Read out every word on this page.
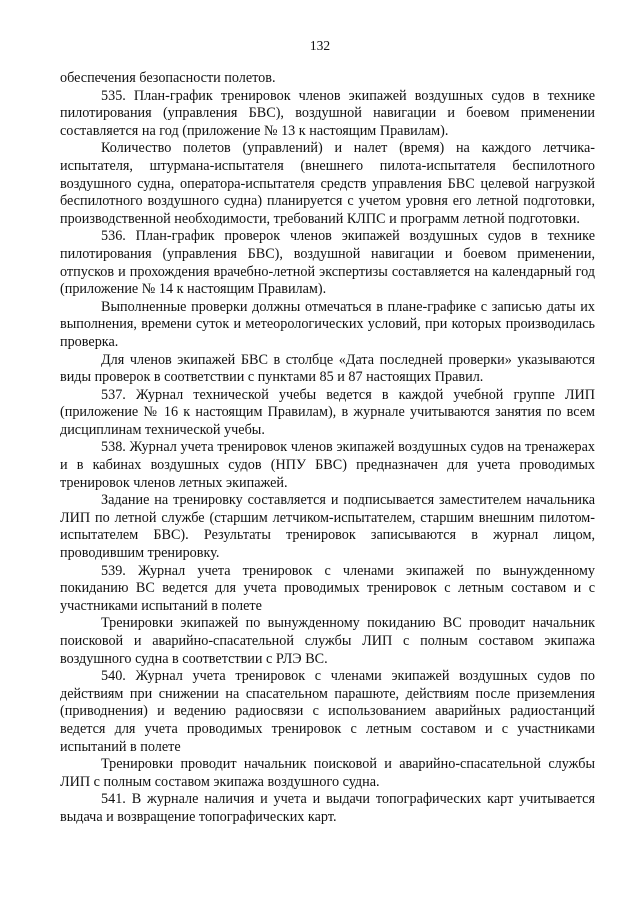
132

обеспечения безопасности полетов.

535. План-график тренировок членов экипажей воздушных судов в технике пилотирования (управления БВС), воздушной навигации и боевом применении составляется на год (приложение № 13 к настоящим Правилам).

Количество полетов (управлений) и налет (время) на каждого летчика-испытателя, штурмана-испытателя (внешнего пилота-испытателя беспилотного воздушного судна, оператора-испытателя средств управления БВС целевой нагрузкой беспилотного воздушного судна) планируется с учетом уровня его летной подготовки, производственной необходимости, требований КЛПС и программ летной подготовки.

536. План-график проверок членов экипажей воздушных судов в технике пилотирования (управления БВС), воздушной навигации и боевом применении, отпусков и прохождения врачебно-летной экспертизы составляется на календарный год (приложение № 14 к настоящим Правилам).

Выполненные проверки должны отмечаться в плане-графике с записью даты их выполнения, времени суток и метеорологических условий, при которых производилась проверка.

Для членов экипажей БВС в столбце «Дата последней проверки» указываются виды проверок в соответствии с пунктами 85 и 87 настоящих Правил.

537. Журнал технической учебы ведется в каждой учебной группе ЛИП (приложение № 16 к настоящим Правилам), в журнале учитываются занятия по всем дисциплинам технической учебы.

538. Журнал учета тренировок членов экипажей воздушных судов на тренажерах и в кабинах воздушных судов (НПУ БВС) предназначен для учета проводимых тренировок членов летных экипажей.

Задание на тренировку составляется и подписывается заместителем начальника ЛИП по летной службе (старшим летчиком-испытателем, старшим внешним пилотом-испытателем БВС). Результаты тренировок записываются в журнал лицом, проводившим тренировку.

539. Журнал учета тренировок с членами экипажей по вынужденному покиданию ВС ведется для учета проводимых тренировок с летным составом и с участниками испытаний в полете

Тренировки экипажей по вынужденному покиданию ВС проводит начальник поисковой и аварийно-спасательной службы ЛИП с полным составом экипажа воздушного судна в соответствии с РЛЭ ВС.

540. Журнал учета тренировок с членами экипажей воздушных судов по действиям при снижении на спасательном парашюте, действиям после приземления (приводнения) и ведению радиосвязи с использованием аварийных радиостанций ведется для учета проводимых тренировок с летным составом и с участниками испытаний в полете

Тренировки проводит начальник поисковой и аварийно-спасательной службы ЛИП с полным составом экипажа воздушного судна.

541. В журнале наличия и учета и выдачи топографических карт учитывается выдача и возвращение топографических карт.
